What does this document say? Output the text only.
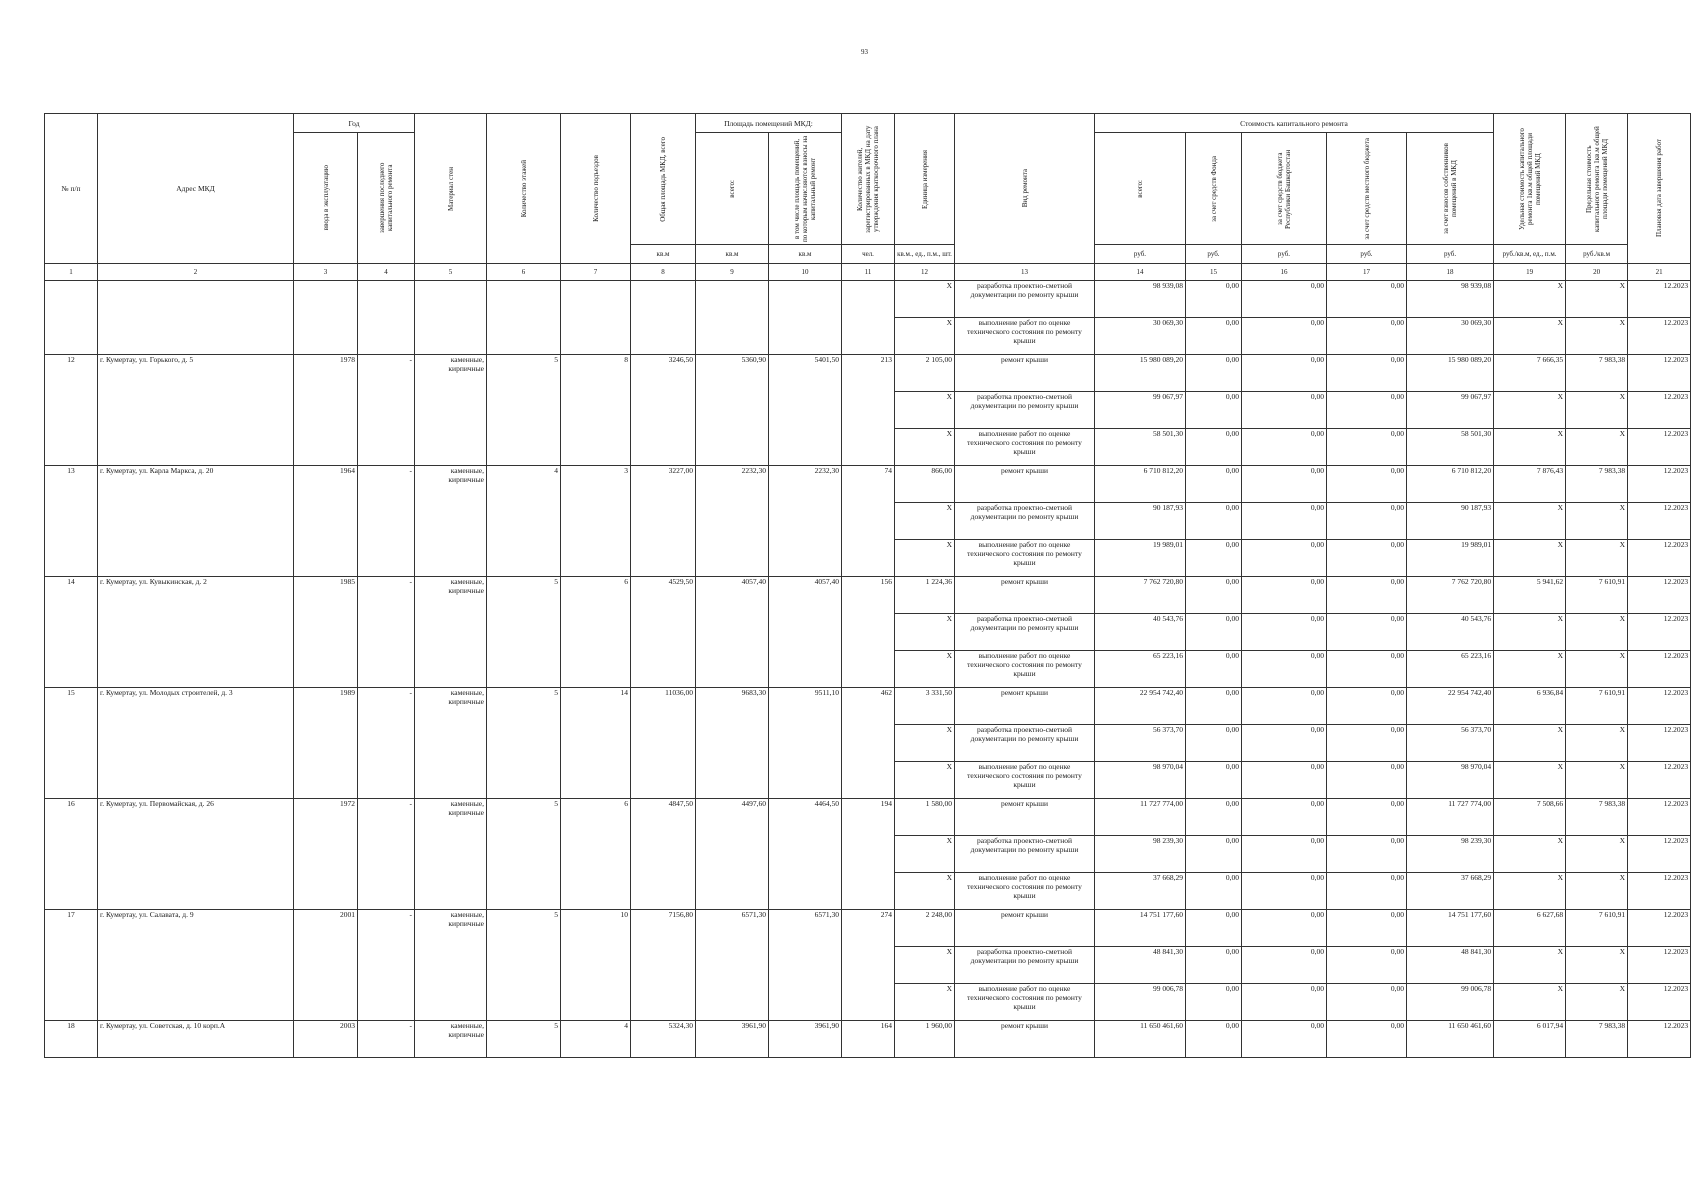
93
№ п/п	Адрес МКД	Год		Материал стен	Количество этажей	Количество подъездов	Общая площадь МКД, всего	Площадь помещений МКД:		Количество жителей, зарегистрированных в МКД на дату утверждения краткосрочного плана	Единица измерения	Вид ремонта	Стоимость капитального ремонта					Удельная стоимость капитального ремонта 1кв.м общей площади помещений МКД	Предельная стоимость капитального ремонта 1кв.м общей площади помещений МКД	Плановая дата завершения работ

		ввода в эксплуатацию	завершения последнего капитального ремонта					всего:	в том числе площадь помещений, по которым начисляются взносы на капитальный ремонт				всего:	за счет средств Фонда	за счет средств бюджета Республики Башкортостан	за счет средств местного бюджета	за счет взносов собственников помещений в МКД			

							кв.м	кв.м	кв.м	чел.	кв.м., ед., п.м., шт.		руб.	руб.	руб.	руб.	руб.	руб./кв.м, ед., п.м.	руб./кв.м	
1	2	3	4	5	6	7	8	9	10	11	12	13	14	15	16	17	18	19	20	21
											X	разработка проектно-сметной документации по ремонту крыши	98 939,08	0,00	0,00	0,00	98 939,08	X	X	12.2023
											X	выполнение работ по оценке технического состояния по ремонту крыши	30 069,30	0,00	0,00	0,00	30 069,30	X	X	12.2023
12	г. Кумертау, ул. Горького, д. 5	1978	-	каменные, кирпичные	5	8	3246,50	5360,90	5401,50	213	2 105,00	ремонт крыши	15 980 089,20	0,00	0,00	0,00	15 980 089,20	7 666,35	7 983,38	12.2023
											X	разработка проектно-сметной документации по ремонту крыши	99 067,97	0,00	0,00	0,00	99 067,97	X	X	12.2023
											X	выполнение работ по оценке технического состояния по ремонту крыши	58 501,30	0,00	0,00	0,00	58 501,30	X	X	12.2023
13	г. Кумертау, ул. Карла Маркса, д. 20	1964	-	каменные, кирпичные	4	3	3227,00	2232,30	2232,30	74	866,00	ремонт крыши	6 710 812,20	0,00	0,00	0,00	6 710 812,20	7 876,43	7 983,38	12.2023
											X	разработка проектно-сметной документации по ремонту крыши	90 187,93	0,00	0,00	0,00	90 187,93	X	X	12.2023
											X	выполнение работ по оценке технического состояния по ремонту крыши	19 989,01	0,00	0,00	0,00	19 989,01	X	X	12.2023
14	г. Кумертау, ул. Кувыкинская, д. 2	1985	-	каменные, кирпичные	5	6	4529,50	4057,40	4057,40	156	1 224,36	ремонт крыши	7 762 720,80	0,00	0,00	0,00	7 762 720,80	5 941,62	7 610,91	12.2023
											X	разработка проектно-сметной документации по ремонту крыши	40 543,76	0,00	0,00	0,00	40 543,76	X	X	12.2023
											X	выполнение работ по оценке технического состояния по ремонту крыши	65 223,16	0,00	0,00	0,00	65 223,16	X	X	12.2023
15	г. Кумертау, ул. Молодых строителей, д. 3	1989	-	каменные, кирпичные	5	14	11036,00	9683,30	9511,10	462	3 331,50	ремонт крыши	22 954 742,40	0,00	0,00	0,00	22 954 742,40	6 936,84	7 610,91	12.2023
											X	разработка проектно-сметной документации по ремонту крыши	56 373,70	0,00	0,00	0,00	56 373,70	X	X	12.2023
											X	выполнение работ по оценке технического состояния по ремонту крыши	98 970,04	0,00	0,00	0,00	98 970,04	X	X	12.2023
16	г. Кумертау, ул. Первомайская, д. 26	1972	-	каменные, кирпичные	5	6	4847,50	4497,60	4464,50	194	1 580,00	ремонт крыши	11 727 774,00	0,00	0,00	0,00	11 727 774,00	7 508,66	7 983,38	12.2023
											X	разработка проектно-сметной документации по ремонту крыши	98 239,30	0,00	0,00	0,00	98 239,30	X	X	12.2023
											X	выполнение работ по оценке технического состояния по ремонту крыши	37 668,29	0,00	0,00	0,00	37 668,29	X	X	12.2023
17	г. Кумертау, ул. Салавата, д. 9	2001	-	каменные, кирпичные	5	10	7156,80	6571,30	6571,30	274	2 248,00	ремонт крыши	14 751 177,60	0,00	0,00	0,00	14 751 177,60	6 627,68	7 610,91	12.2023
											X	разработка проектно-сметной документации по ремонту крыши	48 841,30	0,00	0,00	0,00	48 841,30	X	X	12.2023
											X	выполнение работ по оценке технического состояния по ремонту крыши	99 006,78	0,00	0,00	0,00	99 006,78	X	X	12.2023
18	г. Кумертау, ул. Советская, д. 10 корп.А	2003	-	каменные, кирпичные	5	4	5324,30	3961,90	3961,90	164	1 960,00	ремонт крыши	11 650 461,60	0,00	0,00	0,00	11 650 461,60	6 017,94	7 983,38	12.2023
